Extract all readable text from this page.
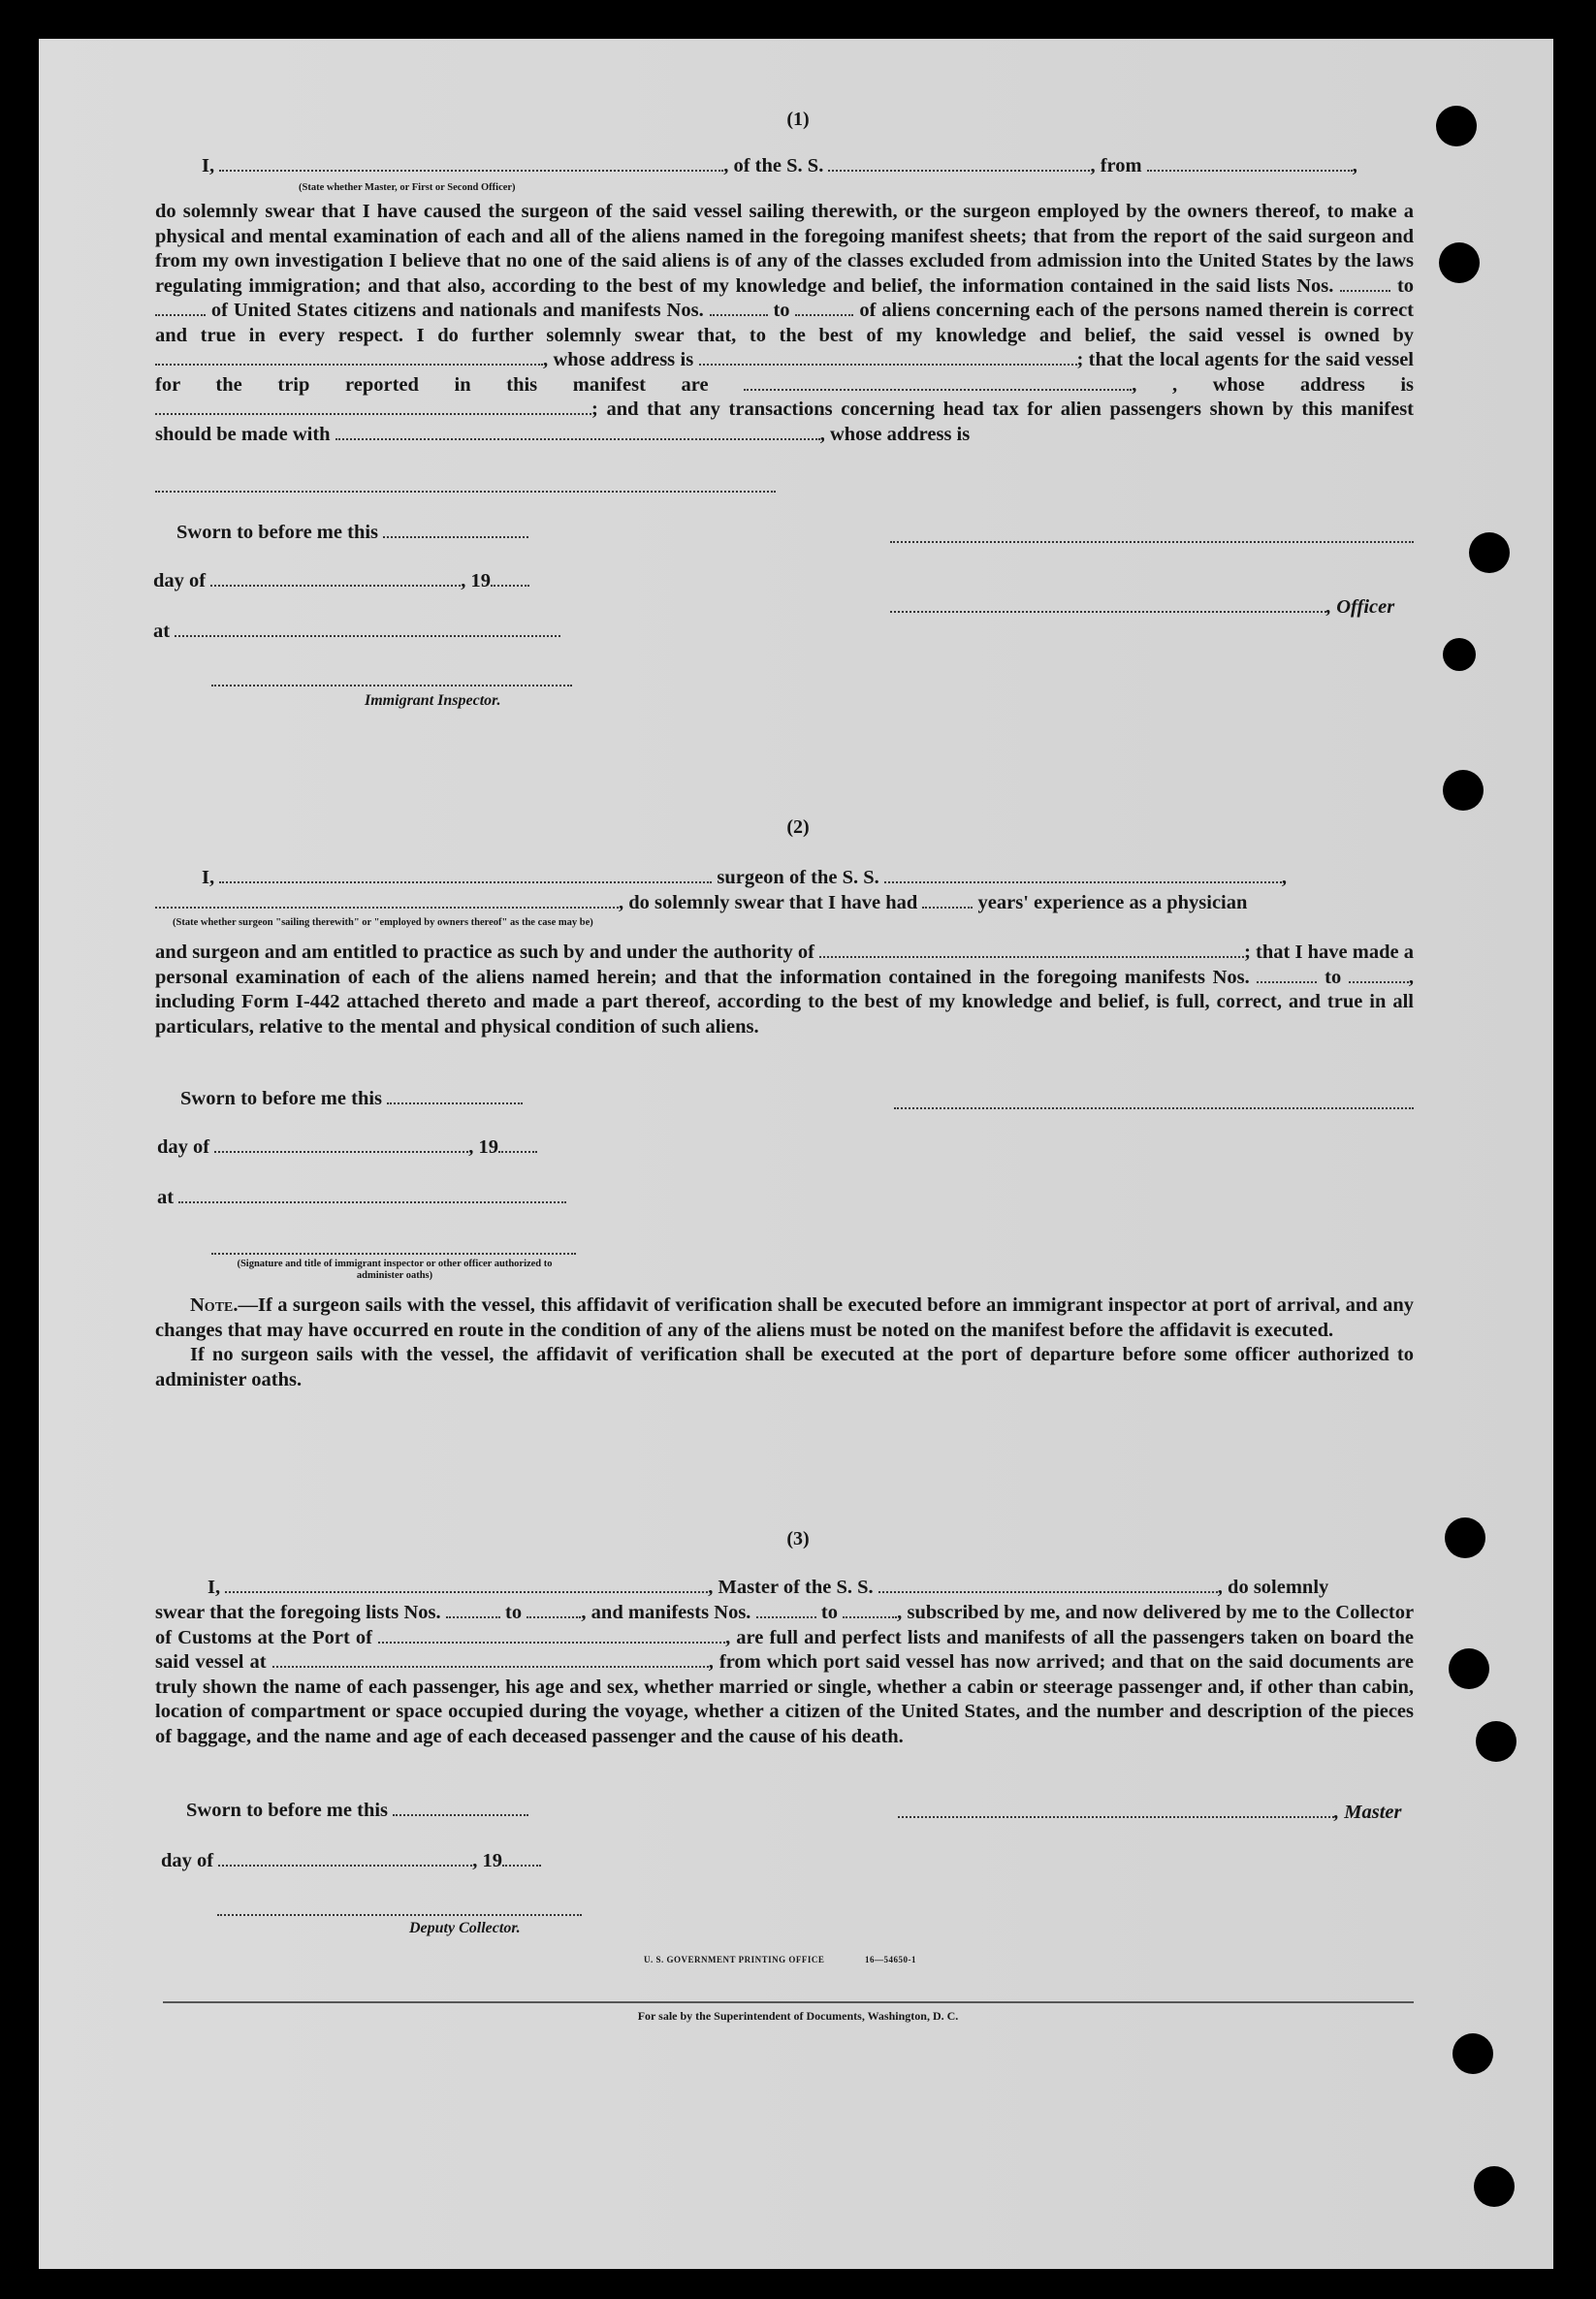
(1)
I,	, of the S. S.	, from	,
(State whether Master, or First or Second Officer)

do solemnly swear that I have caused the surgeon of the said vessel sailing therewith, or the surgeon employed by the owners thereof, to make a physical and mental examination of each and all of the aliens named in the foregoing manifest sheets; that from the report of the said surgeon and from my own investigation I believe that no one of the said aliens is of any of the classes excluded from admission into the United States by the laws regulating immigration; and that also, according to the best of my knowledge and belief, the information contained in the said lists Nos.	to  of United States citizens and nationals and manifests Nos.	to	of aliens concerning each of the persons named therein is correct and true in every respect. I do further solemnly swear that, to the best of my knowledge and belief, the said vessel is owned by , whose address is	; that the local agents for the said vessel for the trip reported in this manifest are	, , whose address is ; and that any transactions concerning head tax for alien passengers shown by this manifest should be made with	, whose address is

Sworn to before me this
day of	, 19
, Officer
at
Immigrant Inspector.
(2)
I,	surgeon of the S. S.	,
, do solemnly swear that I have had	years' experience as a physician
(State whether surgeon "sailing therewith" or "employed by owners thereof" as the case may be)

and surgeon and am entitled to practice as such by and under the authority of	; that I have made a personal examination of each of the aliens named herein; and that the information contained in the foregoing manifests Nos.	to	, including Form I-442 attached thereto and made a part thereof, according to the best of my knowledge and belief, is full, correct, and true in all particulars, relative to the mental and physical condition of such aliens.

Sworn to before me this
day of	, 19
at
(Signature and title of immigrant inspector or other officer authorized to administer oaths)

Note.—If a surgeon sails with the vessel, this affidavit of verification shall be executed before an immigrant inspector at port of arrival, and any changes that may have occurred en route in the condition of any of the aliens must be noted on the manifest before the affidavit is executed.

If no surgeon sails with the vessel, the affidavit of verification shall be executed at the port of departure before some officer authorized to administer oaths.

(3)
I,	, Master of the S. S.	, do solemnly

swear that the foregoing lists Nos.	to	, and manifests Nos.	to	, subscribed by me, and now delivered by me to the Collector of Customs at the Port of	, are full and perfect lists and manifests of all the passengers taken on board the said vessel at	, from which port said vessel has now arrived; and that on the said documents are truly shown the name of each passenger, his age and sex, whether married or single, whether a cabin or steerage passenger and, if other than cabin, location of compartment or space occupied during the voyage, whether a citizen of the United States, and the number and description of the pieces of baggage, and the name and age of each deceased passenger and the cause of his death.

Sworn to before me this	, Master
day of	, 19
Deputy Collector.
U. S. GOVERNMENT PRINTING OFFICE	16—54650-1
For sale by the Superintendent of Documents, Washington, D. C.
